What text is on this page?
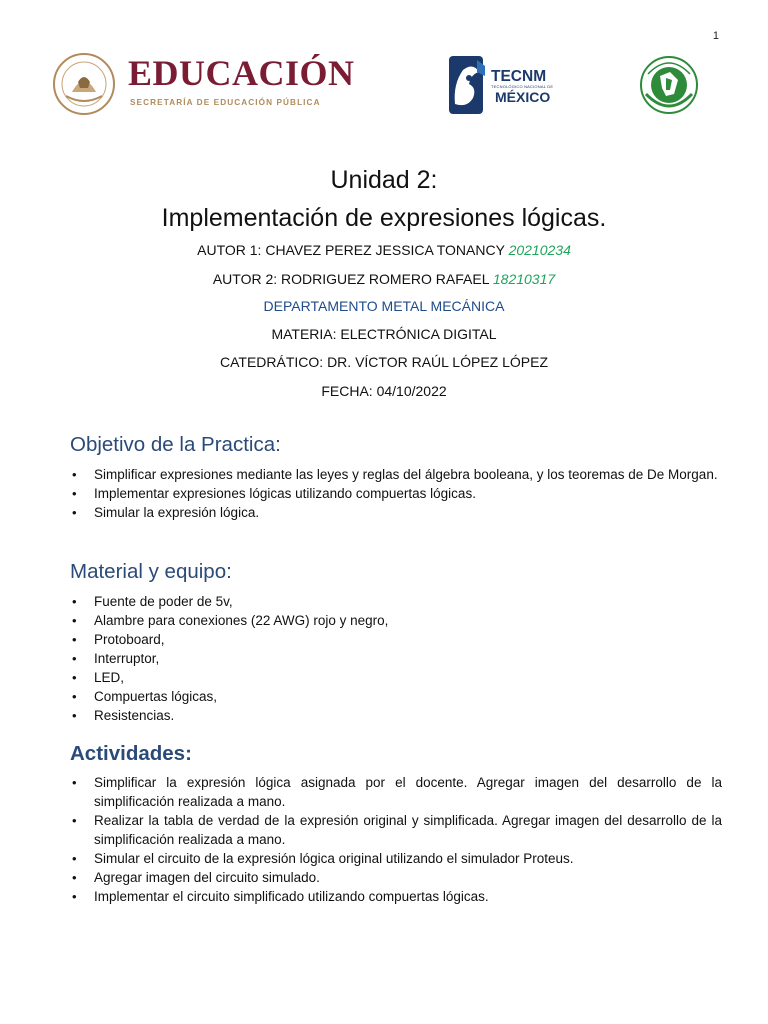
1
EDUCACIÓN
SECRETARÍA DE EDUCACIÓN PÚBLICA
TECNM
TECNOLÓGICO NACIONAL DE
MÉXICO
Unidad 2:
Implementación de expresiones lógicas.
AUTOR 1: CHAVEZ PEREZ JESSICA TONANCY 20210234
AUTOR 2: RODRIGUEZ ROMERO RAFAEL 18210317
DEPARTAMENTO METAL MECÁNICA
MATERIA: ELECTRÓNICA DIGITAL
CATEDRÁTICO: DR. VÍCTOR RAÚL LÓPEZ LÓPEZ
FECHA: 04/10/2022
Objetivo de la Practica:
• Simplificar expresiones mediante las leyes y reglas del álgebra booleana, y los teoremas de De Morgan.
• Implementar expresiones lógicas utilizando compuertas lógicas.
• Simular la expresión lógica.
Material y equipo:
• Fuente de poder de 5v,
• Alambre para conexiones (22 AWG) rojo y negro,
• Protoboard,
• Interruptor,
• LED,
• Compuertas lógicas,
• Resistencias.
Actividades:
• Simplificar la expresión lógica asignada por el docente. Agregar imagen del desarrollo de la simplificación realizada a mano.
• Realizar la tabla de verdad de la expresión original y simplificada. Agregar imagen del desarrollo de la simplificación realizada a mano.
• Simular el circuito de la expresión lógica original utilizando el simulador Proteus.
• Agregar imagen del circuito simulado.
• Implementar el circuito simplificado utilizando compuertas lógicas.
